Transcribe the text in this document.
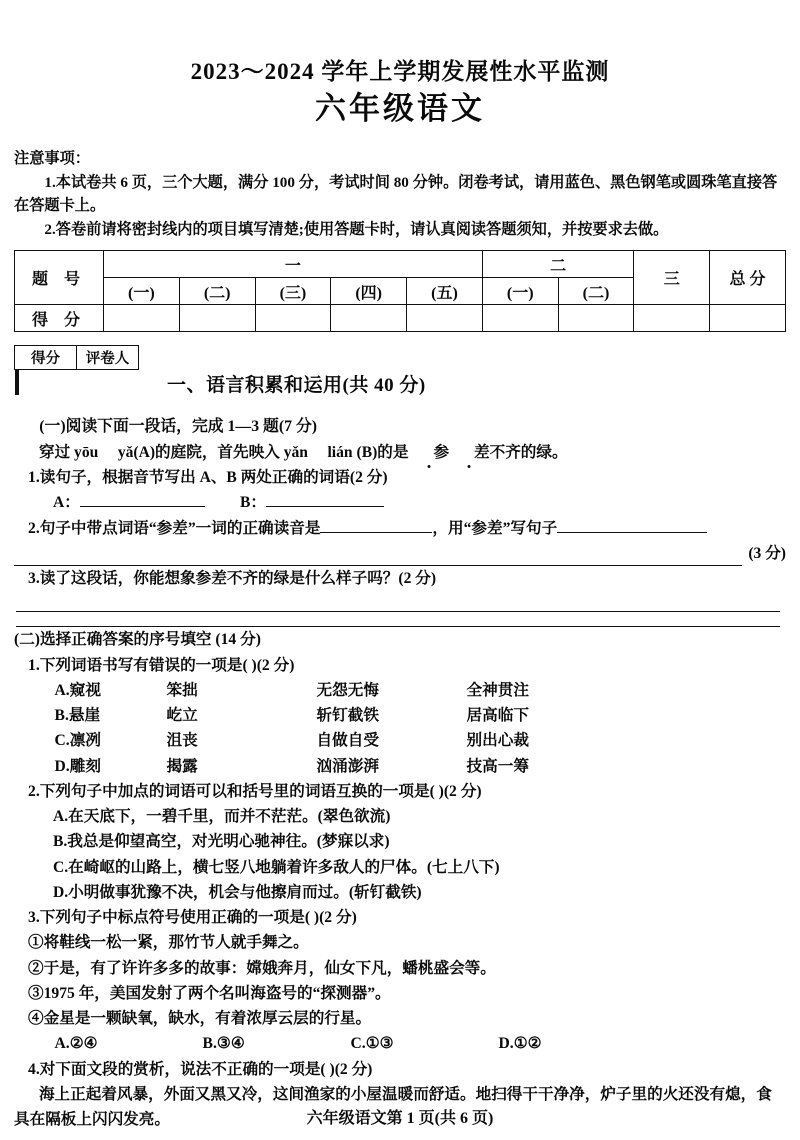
2023～2024 学年上学期发展性水平监测
六年级语文
注意事项：
1.本试卷共 6 页，三个大题，满分 100 分，考试时间 80 分钟。闭卷考试，请用蓝色、黑色钢笔或圆珠笔直接答在答题卡上。
2.答卷前请将密封线内的项目填写清楚;使用答题卡时，请认真阅读答题须知，并按要求去做。
题 号	一					二		三	总 分
	(一)	(二)	(三)	(四)	(五)	(一)	(二)		
得 分									
得分	评卷人

一、语言积累和运用(共 40 分)
(一)阅读下面一段话，完成 1—3 题(7 分)
穿过 yōu yǎ(A)的庭院，首先映入 yǎn lián (B)的是 参 差不齐的绿。
1.读句子，根据音节写出 A、B 两处正确的词语(2 分)
A：	B：
2.句子中带点词语“参差”一词的正确读音是	，用“参差”写句子
(3 分)
3.读了这段话，你能想象参差不齐的绿是什么样子吗？(2 分)
(二)选择正确答案的序号填空 (14 分)
1.下列词语书写有错误的一项是( )(2 分)
A.窥视	笨拙	无怨无悔	全神贯注
B.悬崖	屹立	斩钉截铁	居高临下
C.凛冽	沮丧	自做自受	别出心裁
D.雕刻	揭露	汹涌澎湃	技高一筹
2.下列句子中加点的词语可以和括号里的词语互换的一项是( )(2 分)
A.在天底下，一碧千里，而并不茫茫。(翠色欲流)
B.我总是仰望高空，对光明心驰神往。(梦寐以求)
C.在崎岖的山路上，横七竖八地躺着许多敌人的尸体。(七上八下)
D.小明做事犹豫不决，机会与他擦肩而过。(斩钉截铁)
3.下列句子中标点符号使用正确的一项是( )(2 分)
①将鞋线一松一紧，那竹节人就手舞之。
②于是，有了许许多多的故事：嫦娥奔月，仙女下凡，蟠桃盛会等。
③1975 年，美国发射了两个名叫海盗号的“探测器”。
④金星是一颗缺氧，缺水，有着浓厚云层的行星。
A.②④	B.③④	C.①③	D.①②
4.对下面文段的赏析，说法不正确的一项是( )(2 分)
海上正起着风暴，外面又黑又冷，这间渔家的小屋温暖而舒适。地扫得干干净净，炉子里的火还没有熄，食具在隔板上闪闪发亮。	六年级语文第 1 页(共 6 页)
